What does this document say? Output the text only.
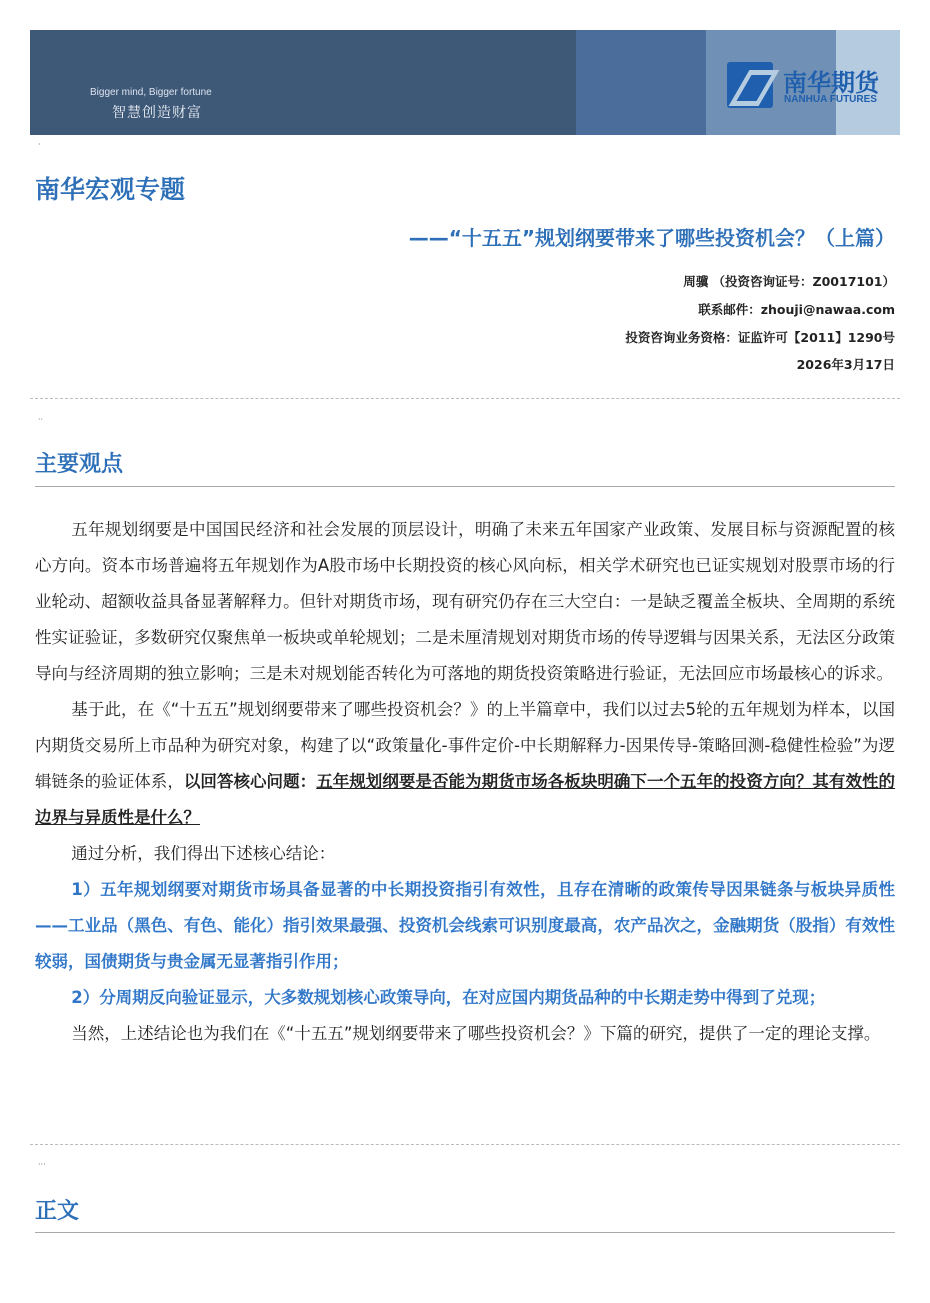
Bigger mind, Bigger fortune
智慧创造财富
南华期货
NANHUA FUTURES
·
南华宏观专题
——“十五五”规划纲要带来了哪些投资机会？（上篇）
周骥 （投资咨询证号：Z0017101）
联系邮件：zhouji@nawaa.com
投资咨询业务资格：证监许可【2011】1290号
2026年3月17日
··
主要观点

五年规划纲要是中国国民经济和社会发展的顶层设计，明确了未来五年国家产业政策、发展目标与资源配置的核心方向。资本市场普遍将五年规划作为A股市场中长期投资的核心风向标，相关学术研究也已证实规划对股票市场的行业轮动、超额收益具备显著解释力。但针对期货市场，现有研究仍存在三大空白：一是缺乏覆盖全板块、全周期的系统性实证验证，多数研究仅聚焦单一板块或单轮规划；二是未厘清规划对期货市场的传导逻辑与因果关系，无法区分政策导向与经济周期的独立影响；三是未对规划能否转化为可落地的期货投资策略进行验证，无法回应市场最核心的诉求。

基于此，在《“十五五”规划纲要带来了哪些投资机会？》的上半篇章中，我们以过去5轮的五年规划为样本，以国内期货交易所上市品种为研究对象，构建了以“政策量化-事件定价-中长期解释力-因果传导-策略回测-稳健性检验”为逻辑链条的验证体系，以回答核心问题：五年规划纲要是否能为期货市场各板块明确下一个五年的投资方向？其有效性的边界与异质性是什么？

通过分析，我们得出下述核心结论：

1）五年规划纲要对期货市场具备显著的中长期投资指引有效性，且存在清晰的政策传导因果链条与板块异质性——工业品（黑色、有色、能化）指引效果最强、投资机会线索可识别度最高，农产品次之，金融期货（股指）有效性较弱，国债期货与贵金属无显著指引作用；

2）分周期反向验证显示，大多数规划核心政策导向，在对应国内期货品种的中长期走势中得到了兑现；

当然，上述结论也为我们在《“十五五”规划纲要带来了哪些投资机会？》下篇的研究，提供了一定的理论支撑。

···
正文
